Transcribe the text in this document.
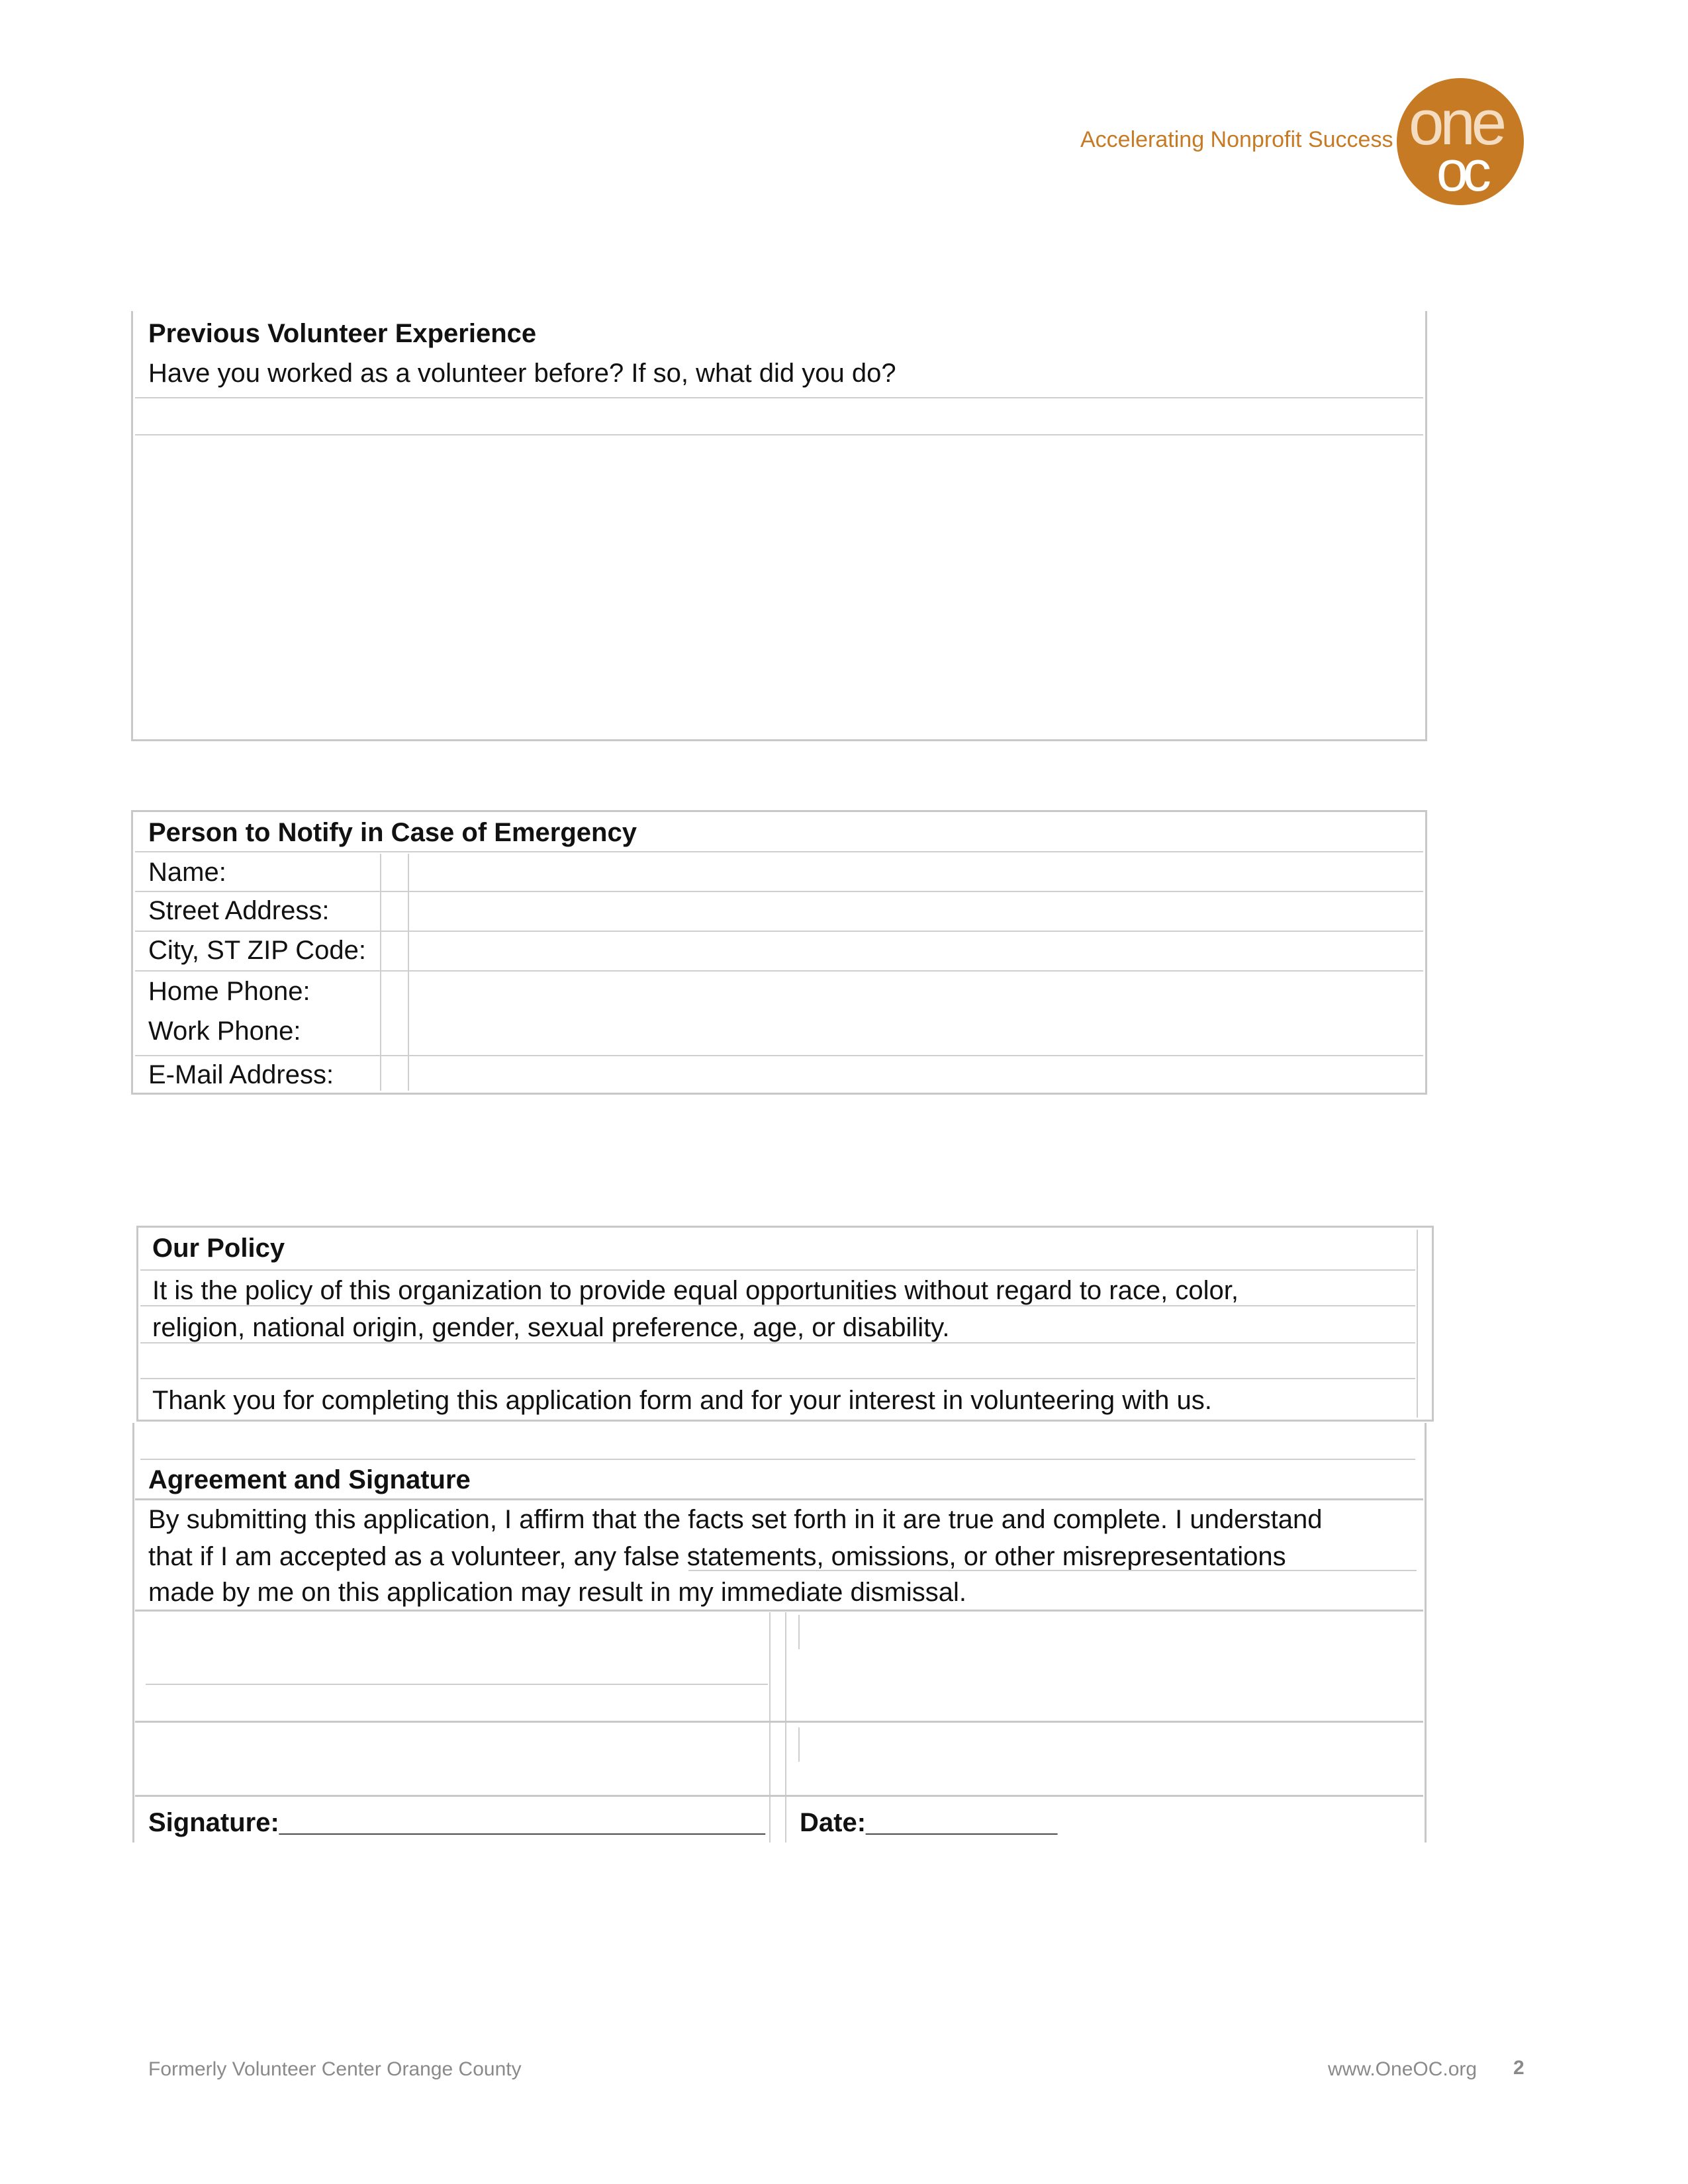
Accelerating Nonprofit Success one
oc
Previous Volunteer Experience
Have you worked as a volunteer before? If so, what did you do?
Person to Notify in Case of Emergency
Name:
Street Address:
City, ST ZIP Code:
Home Phone:
Work Phone:
E-Mail Address:
Our Policy
It is the policy of this organization to provide equal opportunities without regard to race, color,
religion, national origin, gender, sexual preference, age, or disability.
Thank you for completing this application form and for your interest in volunteering with us.
Agreement and Signature
By submitting this application, I affirm that the facts set forth in it are true and complete. I understand
that if I am accepted as a volunteer, any false statements, omissions, or other misrepresentations
made by me on this application may result in my immediate dismissal.
Signature:_________________________________ Date:_____________
Formerly Volunteer Center Orange County	www.OneOC.org 2
